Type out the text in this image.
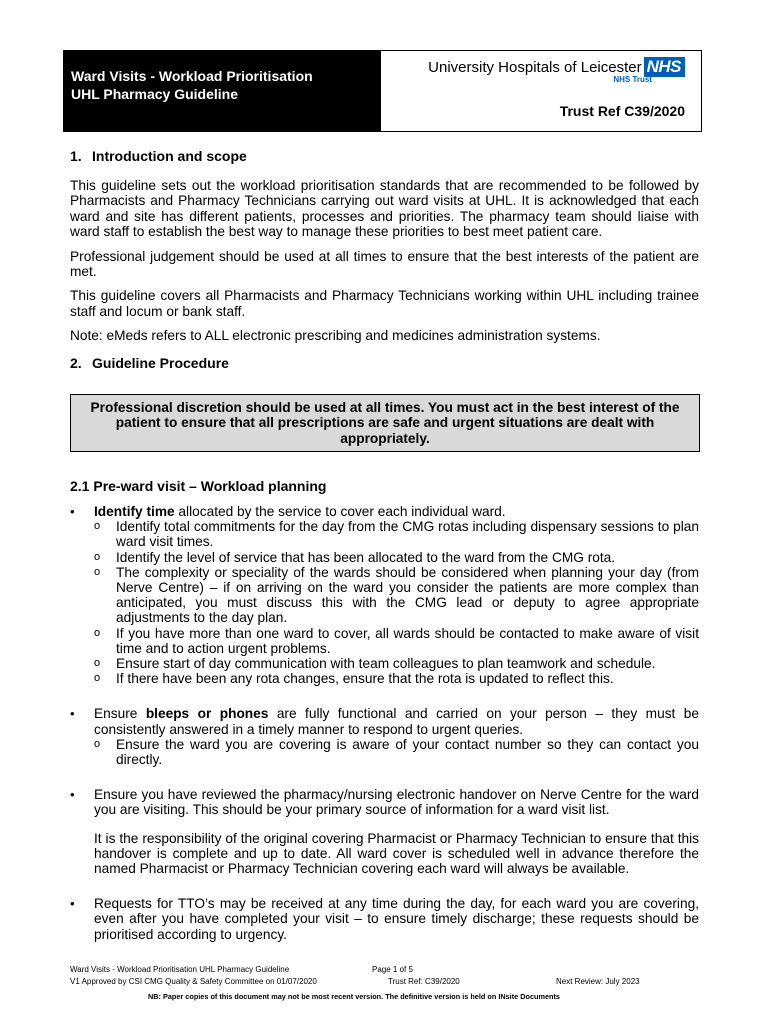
Ward Visits - Workload Prioritisation
UHL Pharmacy Guideline
University Hospitals of Leicester NHS
NHS Trust
Trust Ref C39/2020
1. Introduction and scope

This guideline sets out the workload prioritisation standards that are recommended to be followed by Pharmacists and Pharmacy Technicians carrying out ward visits at UHL. It is acknowledged that each ward and site has different patients, processes and priorities. The pharmacy team should liaise with ward staff to establish the best way to manage these priorities to best meet patient care.

Professional judgement should be used at all times to ensure that the best interests of the patient are met.

This guideline covers all Pharmacists and Pharmacy Technicians working within UHL including trainee staff and locum or bank staff.

Note: eMeds refers to ALL electronic prescribing and medicines administration systems.

2. Guideline Procedure
Professional discretion should be used at all times. You must act in the best interest of the patient to ensure that all prescriptions are safe and urgent situations are dealt with appropriately.
2.1 Pre-ward visit – Workload planning
• Identify time allocated by the service to cover each individual ward.
o Identify total commitments for the day from the CMG rotas including dispensary sessions to plan ward visit times.
o Identify the level of service that has been allocated to the ward from the CMG rota.
o The complexity or speciality of the wards should be considered when planning your day (from Nerve Centre) – if on arriving on the ward you consider the patients are more complex than anticipated, you must discuss this with the CMG lead or deputy to agree appropriate adjustments to the day plan.
o If you have more than one ward to cover, all wards should be contacted to make aware of visit time and to action urgent problems.
o Ensure start of day communication with team colleagues to plan teamwork and schedule.
o If there have been any rota changes, ensure that the rota is updated to reflect this.
• Ensure bleeps or phones are fully functional and carried on your person – they must be consistently answered in a timely manner to respond to urgent queries.
o Ensure the ward you are covering is aware of your contact number so they can contact you directly.
• Ensure you have reviewed the pharmacy/nursing electronic handover on Nerve Centre for the ward you are visiting. This should be your primary source of information for a ward visit list.

It is the responsibility of the original covering Pharmacist or Pharmacy Technician to ensure that this handover is complete and up to date. All ward cover is scheduled well in advance therefore the named Pharmacist or Pharmacy Technician covering each ward will always be available.

• Requests for TTO’s may be received at any time during the day, for each ward you are covering, even after you have completed your visit – to ensure timely discharge; these requests should be prioritised according to urgency.
Ward Visits - Workload Prioritisation UHL Pharmacy Guideline	Page 1 of 5
V1 Approved by CSI CMG Quality & Safety Committee on 01/07/2020	Trust Ref: C39/2020	Next Review: July 2023
NB: Paper copies of this document may not be most recent version. The definitive version is held on INsite Documents
